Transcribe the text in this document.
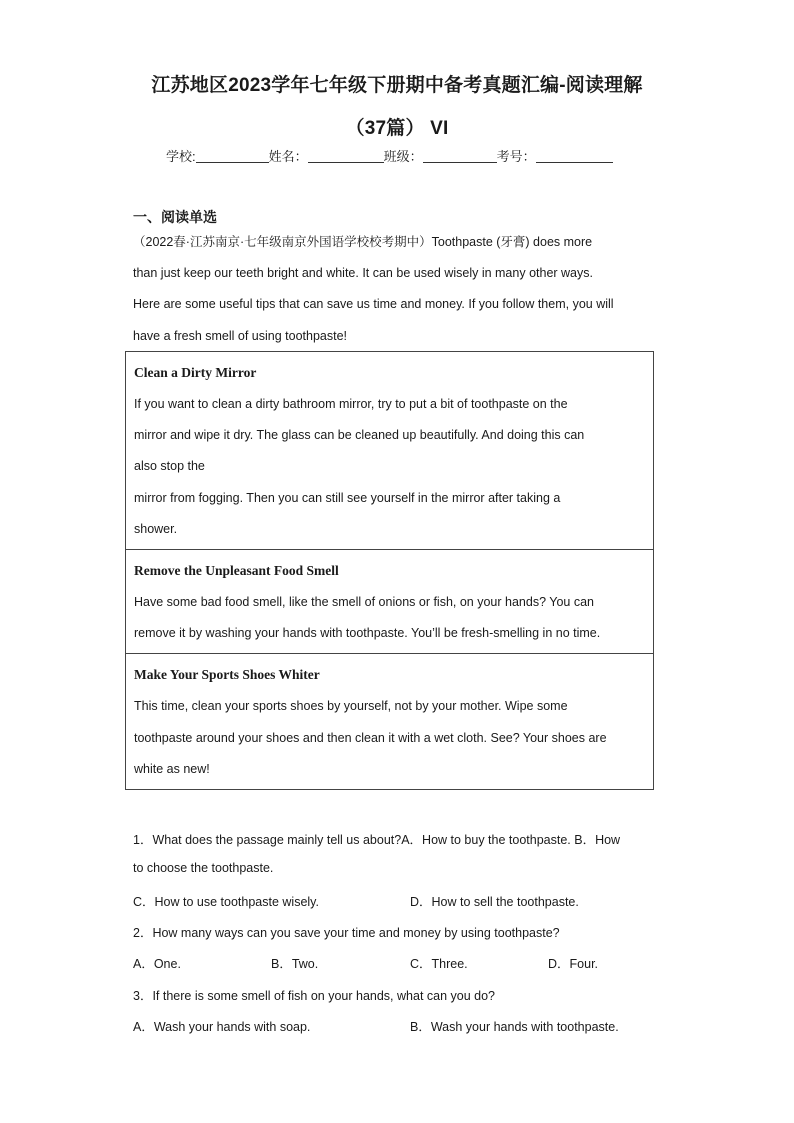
江苏地区2023学年七年级下册期中备考真题汇编-阅读理解
（37篇） VI
学校:	姓名：	班级：	考号：
一、阅读单选
（2022春·江苏南京·七年级南京外国语学校校考期中）Toothpaste (牙膏) does more
than just keep our teeth bright and white. It can be used wisely in many other ways.
Here are some useful tips that can save us time and money. If you follow them, you will
have a fresh smell of using toothpaste!
Clean a Dirty Mirror
If you want to clean a dirty bathroom mirror, try to put a bit of toothpaste on the
mirror and wipe it dry. The glass can be cleaned up beautifully. And doing this can
also stop the
mirror from fogging. Then you can still see yourself in the mirror after taking a
shower.
Remove the Unpleasant Food Smell
Have some bad food smell, like the smell of onions or fish, on your hands? You can
remove it by washing your hands with toothpaste. You’ll be fresh-smelling in no time.
Make Your Sports Shoes Whiter
This time, clean your sports shoes by yourself, not by your mother. Wipe some
toothpaste around your shoes and then clean it with a wet cloth. See? Your shoes are
white as new!
1．What does the passage mainly tell us about?A．How to buy the toothpaste. B．How
to choose the toothpaste.
C．How to use toothpaste wisely.	D．How to sell the toothpaste.
2．How many ways can you save your time and money by using toothpaste?
A．One.	B．Two.	C．Three.	D．Four.
3．If there is some smell of fish on your hands, what can you do?
A．Wash your hands with soap.	B．Wash your hands with toothpaste.
